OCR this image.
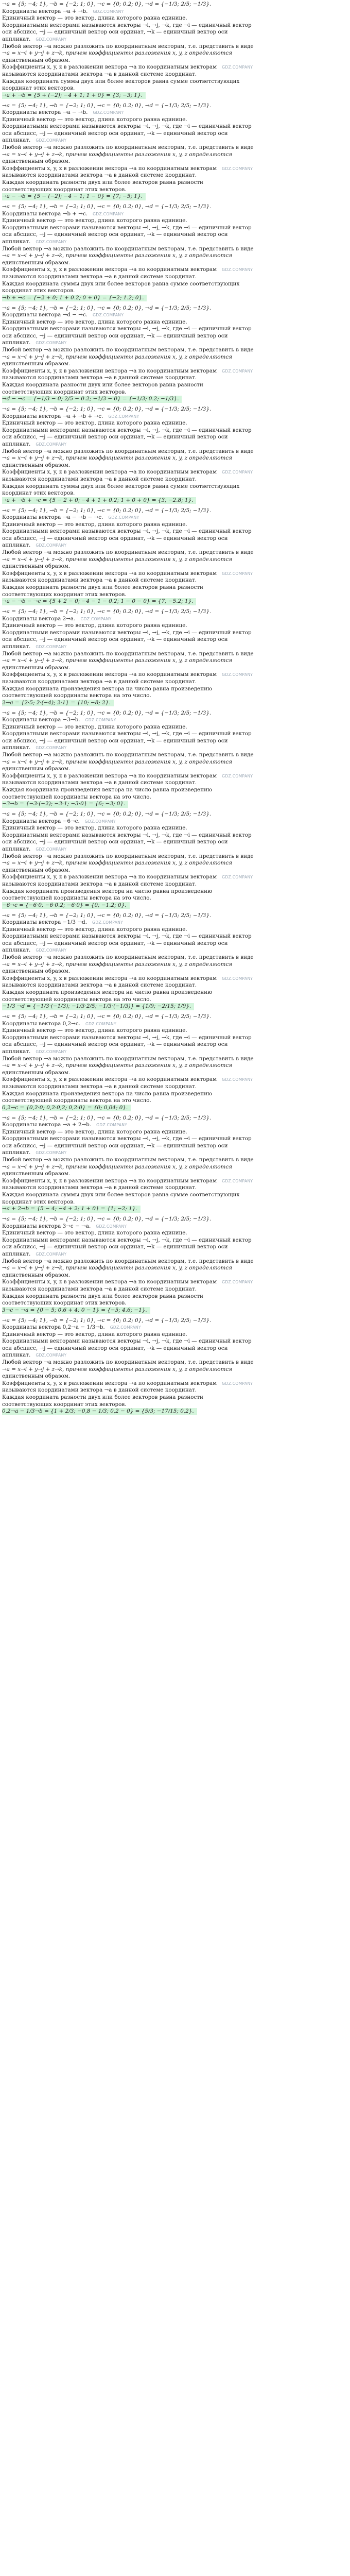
→a = {5; −4; 1}, →b = {−2; 1; 0}, →c = {0; 0.2; 0}, →d = {−1/3; 2/5; −1/3}.
Координаты вектора →a + →b. GDZ.COMPANY
Единичный вектор — это вектор, длина которого равна единице.
Координатными векторами называются векторы →i, →j, →k, где →i — единичный вектор
оси абсцисс, →j — единичный вектор оси ординат, →k — единичный вектор оси
аппликат. GDZ.COMPANY
Любой вектор →a можно разложить по координатным векторам, т.е. представить в виде
→a = x→i + y→j + z→k, причем коэффициенты разложения x, y, z определяются
единственным образом.
Коэффициенты x, y, z в разложении вектора →a по координатным векторам GDZ.COMPANY
называются координатами вектора →a в данной системе координат.
Каждая координата суммы двух или более векторов равна сумме соответствующих
координат этих векторов.
→a + →b = {5 + (−2); −4 + 1; 1 + 0} = {3; −3; 1}.
→a = {5; −4; 1}, →b = {−2; 1; 0}, →c = {0; 0.2; 0}, →d = {−1/3; 2/5; −1/3}.
Координаты вектора →a − →b. GDZ.COMPANY
Единичный вектор — это вектор, длина которого равна единице.
Координатными векторами называются векторы →i, →j, →k, где →i — единичный вектор
оси абсцисс, →j — единичный вектор оси ординат, →k — единичный вектор оси
аппликат. GDZ.COMPANY
Любой вектор →a можно разложить по координатным векторам, т.е. представить в виде
→a = x→i + y→j + z→k, причем коэффициенты разложения x, y, z определяются
единственным образом.
Коэффициенты x, y, z в разложении вектора →a по координатным векторам GDZ.COMPANY
называются координатами вектора →a в данной системе координат.
Каждая координата разности двух или более векторов равна разности
соответствующих координат этих векторов.
→a − →b = {5 − (−2); −4 − 1; 1 − 0} = {7; −5; 1}.
→a = {5; −4; 1}, →b = {−2; 1; 0}, →c = {0; 0.2; 0}, →d = {−1/3; 2/5; −1/3}.
Координаты вектора →b + →c. GDZ.COMPANY
Единичный вектор — это вектор, длина которого равна единице.
Координатными векторами называются векторы →i, →j, →k, где →i — единичный вектор
оси абсцисс, →j — единичный вектор оси ординат, →k — единичный вектор оси
аппликат. GDZ.COMPANY
Любой вектор →a можно разложить по координатным векторам, т.е. представить в виде
→a = x→i + y→j + z→k, причем коэффициенты разложения x, y, z определяются
единственным образом.
Коэффициенты x, y, z в разложении вектора →a по координатным векторам GDZ.COMPANY
называются координатами вектора →a в данной системе координат.
Каждая координата суммы двух или более векторов равна сумме соответствующих
координат этих векторов.
→b + →c = {−2 + 0; 1 + 0.2; 0 + 0} = {−2; 1.2; 0}.
→a = {5; −4; 1}, →b = {−2; 1; 0}, →c = {0; 0.2; 0}, →d = {−1/3; 2/5; −1/3}.
Координаты вектора →d − →c. GDZ.COMPANY
Единичный вектор — это вектор, длина которого равна единице.
Координатными векторами называются векторы →i, →j, →k, где →i — единичный вектор
оси абсцисс, →j — единичный вектор оси ординат, →k — единичный вектор оси
аппликат. GDZ.COMPANY
Любой вектор →a можно разложить по координатным векторам, т.е. представить в виде
→a = x→i + y→j + z→k, причем коэффициенты разложения x, y, z определяются
единственным образом.
Коэффициенты x, y, z в разложении вектора →a по координатным векторам GDZ.COMPANY
называются координатами вектора →a в данной системе координат.
Каждая координата разности двух или более векторов равна разности
соответствующих координат этих векторов.
→d − →c = {−1/3 − 0; 2/5 − 0.2; −1/3 − 0} = {−1/3; 0.2; −1/3}.
→a = {5; −4; 1}, →b = {−2; 1; 0}, →c = {0; 0.2; 0}, →d = {−1/3; 2/5; −1/3}.
Координаты вектора →a + →b + →c. GDZ.COMPANY
Единичный вектор — это вектор, длина которого равна единице.
Координатными векторами называются векторы →i, →j, →k, где →i — единичный вектор
оси абсцисс, →j — единичный вектор оси ординат, →k — единичный вектор оси
аппликат. GDZ.COMPANY
Любой вектор →a можно разложить по координатным векторам, т.е. представить в виде
→a = x→i + y→j + z→k, причем коэффициенты разложения x, y, z определяются
единственным образом.
Коэффициенты x, y, z в разложении вектора →a по координатным векторам GDZ.COMPANY
называются координатами вектора →a в данной системе координат.
Каждая координата суммы двух или более векторов равна сумме соответствующих
координат этих векторов.
→a + →b + →c = {5 − 2 + 0; −4 + 1 + 0.2; 1 + 0 + 0} = {3; −2.8; 1}.
→a = {5; −4; 1}, →b = {−2; 1; 0}, →c = {0; 0.2; 0}, →d = {−1/3; 2/5; −1/3}.
Координаты вектора →a − →b − →c. GDZ.COMPANY
Единичный вектор — это вектор, длина которого равна единице.
Координатными векторами называются векторы →i, →j, →k, где →i — единичный вектор
оси абсцисс, →j — единичный вектор оси ординат, →k — единичный вектор оси
аппликат. GDZ.COMPANY
Любой вектор →a можно разложить по координатным векторам, т.е. представить в виде
→a = x→i + y→j + z→k, причем коэффициенты разложения x, y, z определяются
единственным образом.
Коэффициенты x, y, z в разложении вектора →a по координатным векторам GDZ.COMPANY
называются координатами вектора →a в данной системе координат.
Каждая координата разности двух или более векторов равна разности
соответствующих координат этих векторов.
→a − →b − →c = {5 + 2 − 0; −4 − 1 − 0.2; 1 − 0 − 0} = {7; −5.2; 1}.
→a = {5; −4; 1}, →b = {−2; 1; 0}, →c = {0; 0.2; 0}, →d = {−1/3; 2/5; −1/3}.
Координаты вектора 2→a. GDZ.COMPANY
Единичный вектор — это вектор, длина которого равна единице.
Координатными векторами называются векторы →i, →j, →k, где →i — единичный вектор
оси абсцисс, →j — единичный вектор оси ординат, →k — единичный вектор оси
аппликат. GDZ.COMPANY
Любой вектор →a можно разложить по координатным векторам, т.е. представить в виде
→a = x→i + y→j + z→k, причем коэффициенты разложения x, y, z определяются
единственным образом.
Коэффициенты x, y, z в разложении вектора →a по координатным векторам GDZ.COMPANY
называются координатами вектора →a в данной системе координат.
Каждая координата произведения вектора на число равна произведению
соответствующей координаты вектора на это число.
2→a = {2·5; 2·(−4); 2·1} = {10; −8; 2}.
→a = {5; −4; 1}, →b = {−2; 1; 0}, →c = {0; 0.2; 0}, →d = {−1/3; 2/5; −1/3}.
Координаты вектора −3→b. GDZ.COMPANY
Единичный вектор — это вектор, длина которого равна единице.
Координатными векторами называются векторы →i, →j, →k, где →i — единичный вектор
оси абсцисс, →j — единичный вектор оси ординат, →k — единичный вектор оси
аппликат. GDZ.COMPANY
Любой вектор →a можно разложить по координатным векторам, т.е. представить в виде
→a = x→i + y→j + z→k, причем коэффициенты разложения x, y, z определяются
единственным образом.
Коэффициенты x, y, z в разложении вектора →a по координатным векторам GDZ.COMPANY
называются координатами вектора →a в данной системе координат.
Каждая координата произведения вектора на число равна произведению
соответствующей координаты вектора на это число.
−3→b = {−3·(−2); −3·1; −3·0} = {6; −3; 0}.
→a = {5; −4; 1}, →b = {−2; 1; 0}, →c = {0; 0.2; 0}, →d = {−1/3; 2/5; −1/3}.
Координаты вектора −6→c. GDZ.COMPANY
Единичный вектор — это вектор, длина которого равна единице.
Координатными векторами называются векторы →i, →j, →k, где →i — единичный вектор
оси абсцисс, →j — единичный вектор оси ординат, →k — единичный вектор оси
аппликат. GDZ.COMPANY
Любой вектор →a можно разложить по координатным векторам, т.е. представить в виде
→a = x→i + y→j + z→k, причем коэффициенты разложения x, y, z определяются
единственным образом.
Коэффициенты x, y, z в разложении вектора →a по координатным векторам GDZ.COMPANY
называются координатами вектора →a в данной системе координат.
Каждая координата произведения вектора на число равна произведению
соответствующей координаты вектора на это число.
−6→c = {−6·0; −6·0.2; −6·0} = {0; −1.2; 0}.
→a = {5; −4; 1}, →b = {−2; 1; 0}, →c = {0; 0.2; 0}, →d = {−1/3; 2/5; −1/3}.
Координаты вектора −1/3 →d. GDZ.COMPANY
Единичный вектор — это вектор, длина которого равна единице.
Координатными векторами называются векторы →i, →j, →k, где →i — единичный вектор
оси абсцисс, →j — единичный вектор оси ординат, →k — единичный вектор оси
аппликат. GDZ.COMPANY
Любой вектор →a можно разложить по координатным векторам, т.е. представить в виде
→a = x→i + y→j + z→k, причем коэффициенты разложения x, y, z определяются
единственным образом.
Коэффициенты x, y, z в разложении вектора →a по координатным векторам GDZ.COMPANY
называются координатами вектора →a в данной системе координат.
Каждая координата произведения вектора на число равна произведению
соответствующей координаты вектора на это число.
−1/3 →d = {−1/3·(−1/3); −1/3·2/5; −1/3·(−1/3)} = {1/9; −2/15; 1/9}.
→a = {5; −4; 1}, →b = {−2; 1; 0}, →c = {0; 0.2; 0}, →d = {−1/3; 2/5; −1/3}.
Координаты вектора 0,2→c. GDZ.COMPANY
Единичный вектор — это вектор, длина которого равна единице.
Координатными векторами называются векторы →i, →j, →k, где →i — единичный вектор
оси абсцисс, →j — единичный вектор оси ординат, →k — единичный вектор оси
аппликат. GDZ.COMPANY
Любой вектор →a можно разложить по координатным векторам, т.е. представить в виде
→a = x→i + y→j + z→k, причем коэффициенты разложения x, y, z определяются
единственным образом.
Коэффициенты x, y, z в разложении вектора →a по координатным векторам GDZ.COMPANY
называются координатами вектора →a в данной системе координат.
Каждая координата произведения вектора на число равна произведению
соответствующей координаты вектора на это число.
0,2→c = {0,2·0; 0,2·0,2; 0,2·0} = {0; 0,04; 0}.
→a = {5; −4; 1}, →b = {−2; 1; 0}, →c = {0; 0.2; 0}, →d = {−1/3; 2/5; −1/3}.
Координаты вектора →a + 2→b. GDZ.COMPANY
Единичный вектор — это вектор, длина которого равна единице.
Координатными векторами называются векторы →i, →j, →k, где →i — единичный вектор
оси абсцисс, →j — единичный вектор оси ординат, →k — единичный вектор оси
аппликат. GDZ.COMPANY
Любой вектор →a можно разложить по координатным векторам, т.е. представить в виде
→a = x→i + y→j + z→k, причем коэффициенты разложения x, y, z определяются
единственным образом.
Коэффициенты x, y, z в разложении вектора →a по координатным векторам GDZ.COMPANY
называются координатами вектора →a в данной системе координат.
Каждая координата суммы двух или более векторов равна сумме соответствующих
координат этих векторов.
→a + 2→b = {5 − 4; −4 + 2; 1 + 0} = {1; −2; 1}.
→a = {5; −4; 1}, →b = {−2; 1; 0}, →c = {0; 0.2; 0}, →d = {−1/3; 2/5; −1/3}.
Координаты вектора 3→c − →a. GDZ.COMPANY
Единичный вектор — это вектор, длина которого равна единице.
Координатными векторами называются векторы →i, →j, →k, где →i — единичный вектор
оси абсцисс, →j — единичный вектор оси ординат, →k — единичный вектор оси
аппликат. GDZ.COMPANY
Любой вектор →a можно разложить по координатным векторам, т.е. представить в виде
→a = x→i + y→j + z→k, причем коэффициенты разложения x, y, z определяются
единственным образом.
Коэффициенты x, y, z в разложении вектора →a по координатным векторам GDZ.COMPANY
называются координатами вектора →a в данной системе координат.
Каждая координата разности двух или более векторов равна разности
соответствующих координат этих векторов.
3→c − →a = {0 − 5; 0.6 + 4; 0 − 1} = {−5; 4.6; −1}.
→a = {5; −4; 1}, →b = {−2; 1; 0}, →c = {0; 0.2; 0}, →d = {−1/3; 2/5; −1/3}.
Координаты вектора 0,2→a − 1/3→b. GDZ.COMPANY
Единичный вектор — это вектор, длина которого равна единице.
Координатными векторами называются векторы →i, →j, →k, где →i — единичный вектор
оси абсцисс, →j — единичный вектор оси ординат, →k — единичный вектор оси
аппликат. GDZ.COMPANY
Любой вектор →a можно разложить по координатным векторам, т.е. представить в виде
→a = x→i + y→j + z→k, причем коэффициенты разложения x, y, z определяются
единственным образом.
Коэффициенты x, y, z в разложении вектора →a по координатным векторам GDZ.COMPANY
называются координатами вектора →a в данной системе координат.
Каждая координата разности двух или более векторов равна разности
соответствующих координат этих векторов.
0,2→a − 1/3→b = {1 + 2/3; −0,8 − 1/3; 0,2 − 0} = {5/3; −17/15; 0,2}.
